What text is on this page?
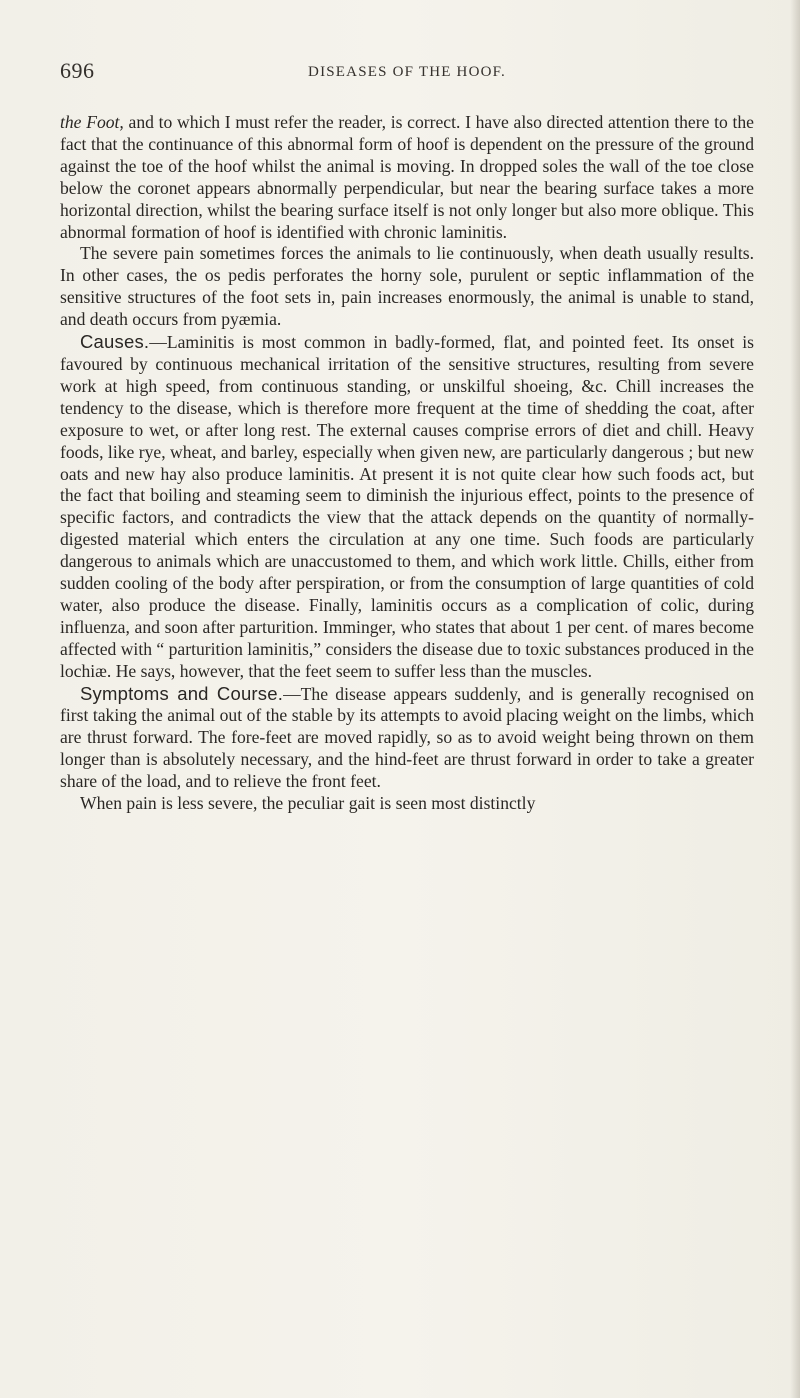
696	DISEASES OF THE HOOF.

the Foot, and to which I must refer the reader, is correct. I have also directed attention there to the fact that the continuance of this abnormal form of hoof is dependent on the pressure of the ground against the toe of the hoof whilst the animal is moving. In dropped soles the wall of the toe close below the coronet appears abnormally perpendicular, but near the bearing surface takes a more horizontal direction, whilst the bearing surface itself is not only longer but also more oblique. This abnormal formation of hoof is identified with chronic laminitis.

The severe pain sometimes forces the animals to lie continuously, when death usually results. In other cases, the os pedis perforates the horny sole, purulent or septic inflammation of the sensitive structures of the foot sets in, pain increases enormously, the animal is unable to stand, and death occurs from pyæmia.

Causes.—Laminitis is most common in badly-formed, flat, and pointed feet. Its onset is favoured by continuous mechanical irritation of the sensitive structures, resulting from severe work at high speed, from continuous standing, or unskilful shoeing, &c. Chill increases the tendency to the disease, which is therefore more frequent at the time of shedding the coat, after exposure to wet, or after long rest. The external causes comprise errors of diet and chill. Heavy foods, like rye, wheat, and barley, especially when given new, are particularly dangerous ; but new oats and new hay also produce laminitis. At present it is not quite clear how such foods act, but the fact that boiling and steaming seem to diminish the injurious effect, points to the presence of specific factors, and contradicts the view that the attack depends on the quantity of normally-digested material which enters the circulation at any one time. Such foods are particularly dangerous to animals which are unaccustomed to them, and which work little. Chills, either from sudden cooling of the body after perspiration, or from the consumption of large quantities of cold water, also produce the disease. Finally, laminitis occurs as a complication of colic, during influenza, and soon after parturition. Imminger, who states that about 1 per cent. of mares become affected with “ parturition laminitis,” considers the disease due to toxic substances produced in the lochiæ. He says, however, that the feet seem to suffer less than the muscles.

Symptoms and Course.—The disease appears suddenly, and is generally recognised on first taking the animal out of the stable by its attempts to avoid placing weight on the limbs, which are thrust forward. The fore-feet are moved rapidly, so as to avoid weight being thrown on them longer than is absolutely necessary, and the hind-feet are thrust forward in order to take a greater share of the load, and to relieve the front feet.

When pain is less severe, the peculiar gait is seen most distinctly
